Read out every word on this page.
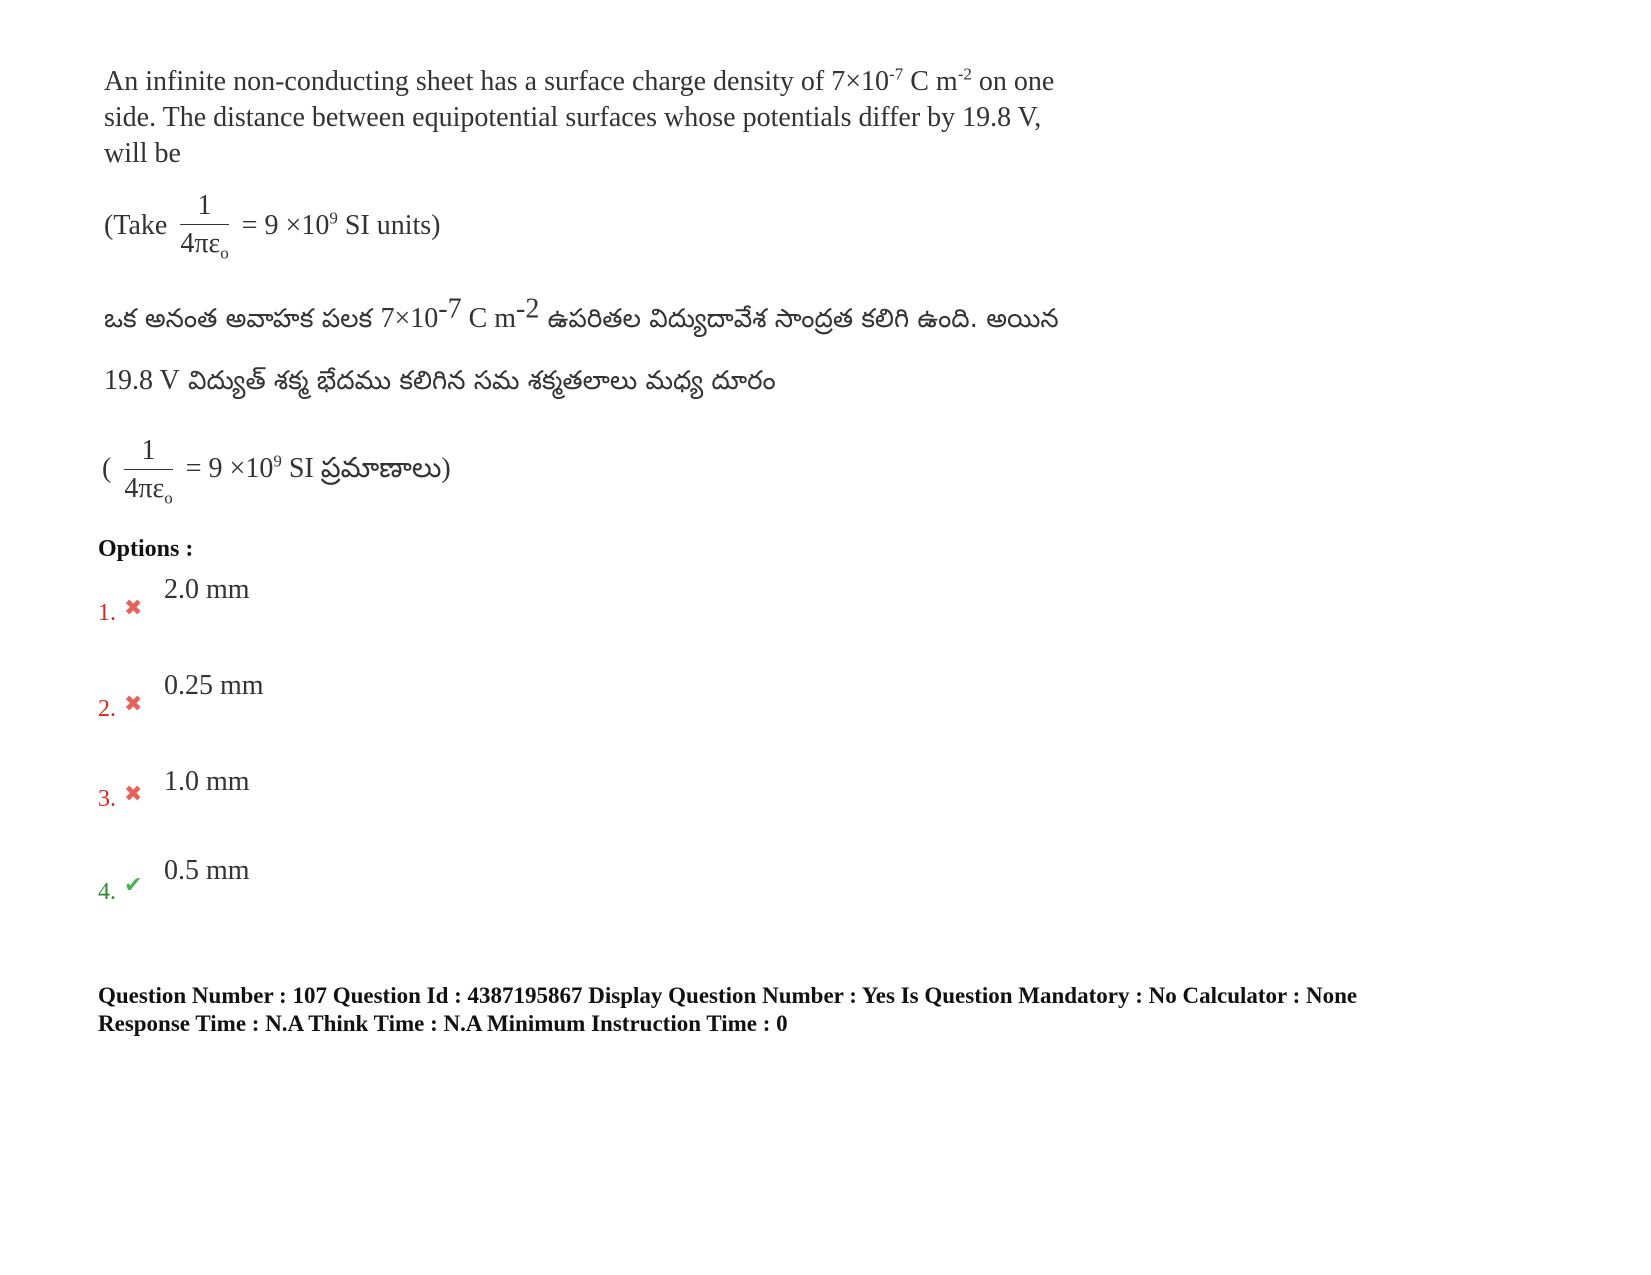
An infinite non-conducting sheet has a surface charge density of $7\times 10^{-7}$ C $m^{-2}$ on one
side. The distance between equipotential surfaces whose potentials differ by 19.8 V,
will be
(Take $\frac{1}{4\pi\varepsilon_o} = 9 \times 10^9$ SI units)
ఒక అనంత అవాహక పలక 7×10-7 C m-2 ఉపరితల విద్యుదావేశ సాంద్రత కలిగి ఉంది. అయిన
19.8 V విద్యుత్ శక్మ భేదము కలిగిన సమ శక్మతలాలు మధ్య దూరం
( $\frac{1}{4\pi\varepsilon_o} = 9 \times 10^9$ SI ప్రమాణాలు)
Options :
1. ✖
2.0 mm
2. ✖
0.25 mm
3. ✖ 1.0 mm
4. ✔ 0.5 mm
Question Number : 107 Question Id : 4387195867 Display Question Number : Yes Is Question Mandatory : No Calculator : None
Response Time : N.A Think Time : N.A Minimum Instruction Time : 0
